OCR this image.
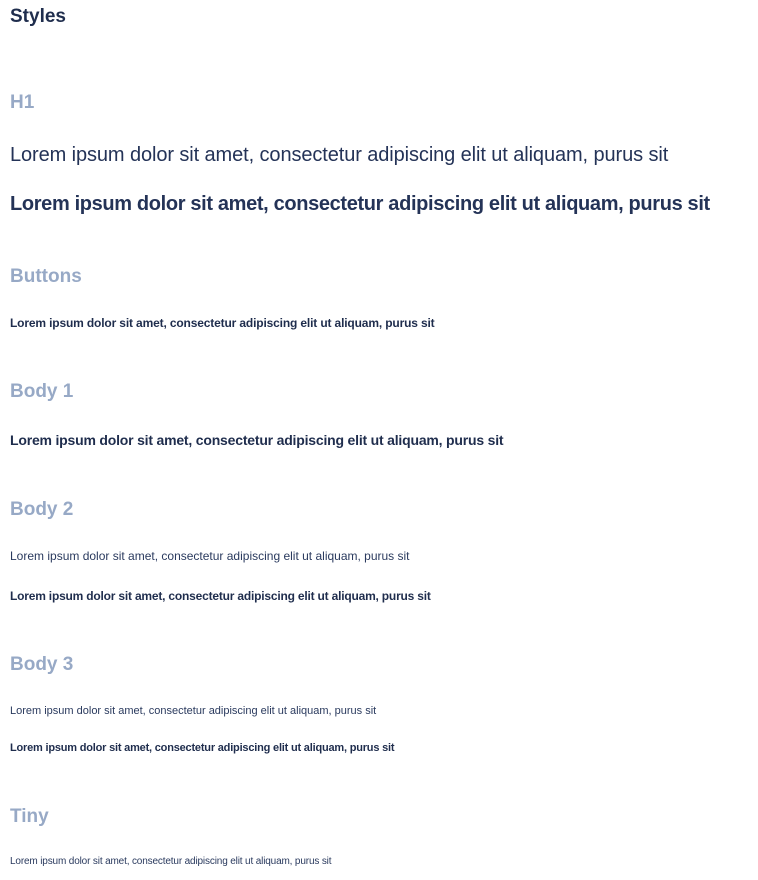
Styles
H1

Lorem ipsum dolor sit amet, consectetur adipiscing elit ut aliquam, purus sit

Lorem ipsum dolor sit amet, consectetur adipiscing elit ut aliquam, purus sit

Buttons

Lorem ipsum dolor sit amet, consectetur adipiscing elit ut aliquam, purus sit

Body 1

Lorem ipsum dolor sit amet, consectetur adipiscing elit ut aliquam, purus sit

Body 2

Lorem ipsum dolor sit amet, consectetur adipiscing elit ut aliquam, purus sit

Lorem ipsum dolor sit amet, consectetur adipiscing elit ut aliquam, purus sit

Body 3

Lorem ipsum dolor sit amet, consectetur adipiscing elit ut aliquam, purus sit

Lorem ipsum dolor sit amet, consectetur adipiscing elit ut aliquam, purus sit

Tiny

Lorem ipsum dolor sit amet, consectetur adipiscing elit ut aliquam, purus sit
